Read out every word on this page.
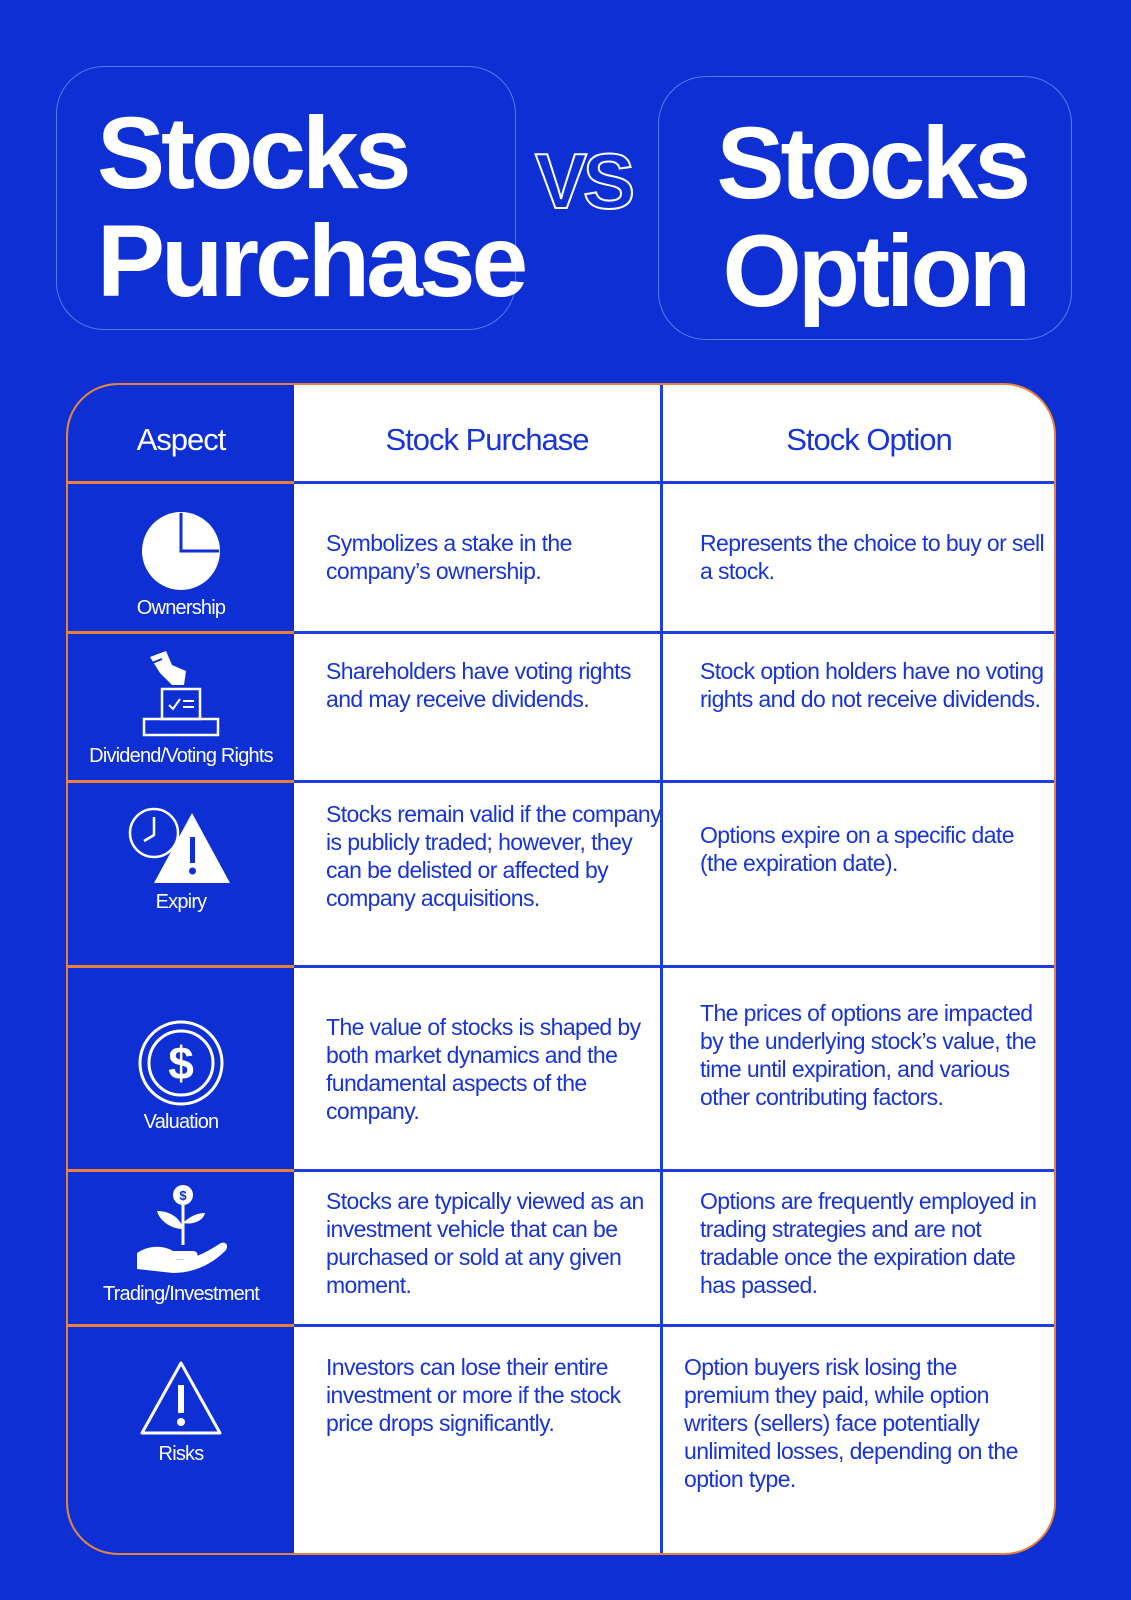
Stocks
Purchase
VS Stocks
Option
Aspect	Stock Purchase	Stock Option
Ownership
Symbolizes a stake in the company’s ownership.
Represents the choice to buy or sell a stock.
Dividend/Voting Rights
Shareholders have voting rights and may receive dividends.
Stock option holders have no voting rights and do not receive dividends.
Expiry
Stocks remain valid if the company is publicly traded; however, they can be delisted or affected by company acquisitions.
Options expire on a specific date (the expiration date).
$
Valuation
The value of stocks is shaped by both market dynamics and the fundamental aspects of the company.
The prices of options are impacted by the underlying stock’s value, the time until expiration, and various other contributing factors.
$
Trading/Investment
Stocks are typically viewed as an investment vehicle that can be purchased or sold at any given moment.
Options are frequently employed in trading strategies and are not tradable once the expiration date has passed.
Risks
Investors can lose their entire investment or more if the stock price drops significantly.
Option buyers risk losing the premium they paid, while option writers (sellers) face potentially unlimited losses, depending on the option type.
